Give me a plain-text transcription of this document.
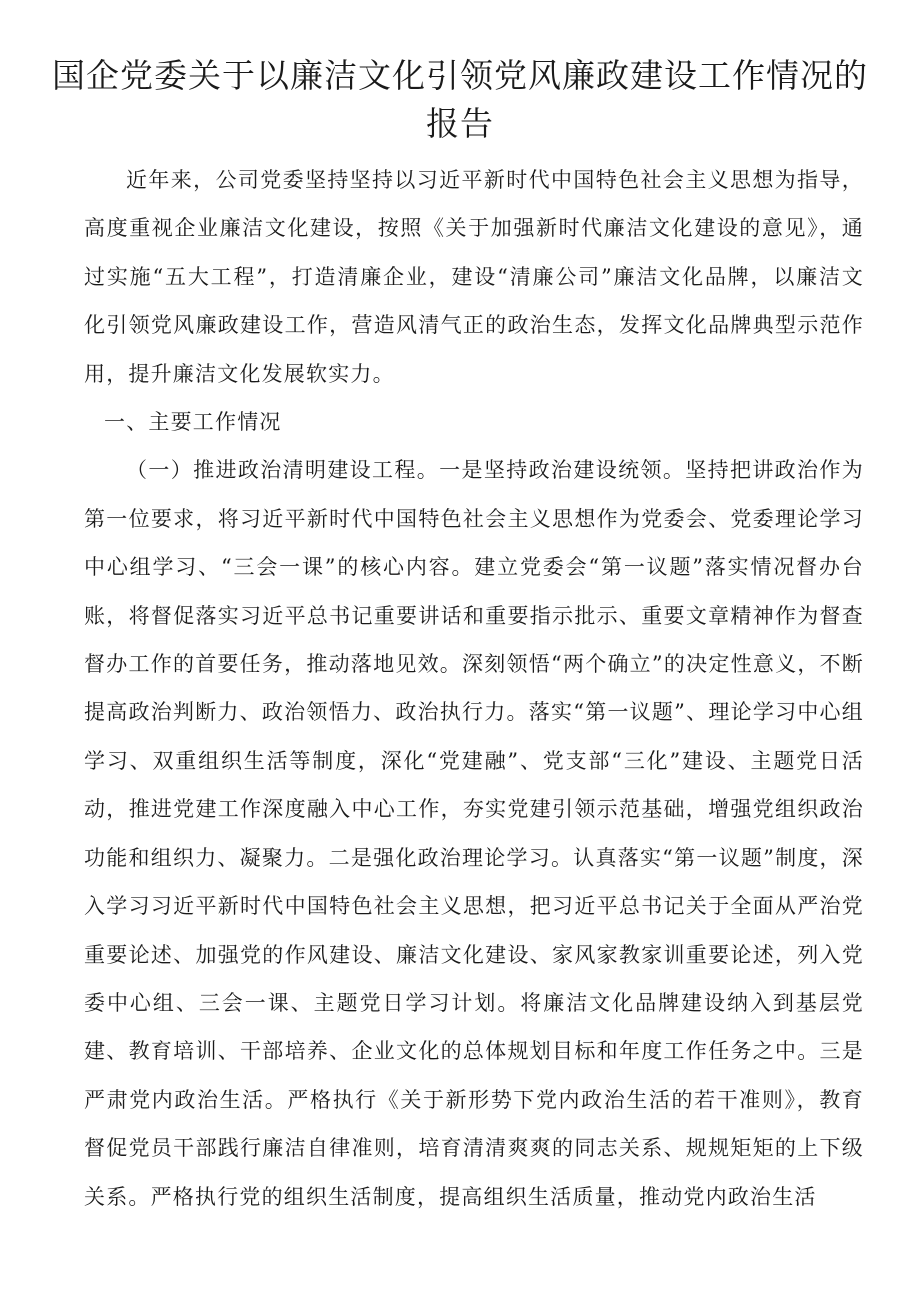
国企党委关于以廉洁文化引领党风廉政建设工作情况的报告

近年来，公司党委坚持坚持以习近平新时代中国特色社会主义思想为指导，高度重视企业廉洁文化建设，按照《关于加强新时代廉洁文化建设的意见》，通过实施“五大工程”，打造清廉企业，建设“清廉公司”廉洁文化品牌，以廉洁文化引领党风廉政建设工作，营造风清气正的政治生态，发挥文化品牌典型示范作用，提升廉洁文化发展软实力。

一、主要工作情况

（一）推进政治清明建设工程。一是坚持政治建设统领。坚持把讲政治作为第一位要求，将习近平新时代中国特色社会主义思想作为党委会、党委理论学习中心组学习、“三会一课”的核心内容。建立党委会“第一议题”落实情况督办台账，将督促落实习近平总书记重要讲话和重要指示批示、重要文章精神作为督查督办工作的首要任务，推动落地见效。深刻领悟“两个确立”的决定性意义，不断提高政治判断力、政治领悟力、政治执行力。落实“第一议题”、理论学习中心组学习、双重组织生活等制度，深化“党建融”、党支部“三化”建设、主题党日活动，推进党建工作深度融入中心工作，夯实党建引领示范基础，增强党组织政治功能和组织力、凝聚力。二是强化政治理论学习。认真落实“第一议题”制度，深入学习习近平新时代中国特色社会主义思想，把习近平总书记关于全面从严治党重要论述、加强党的作风建设、廉洁文化建设、家风家教家训重要论述，列入党委中心组、三会一课、主题党日学习计划。将廉洁文化品牌建设纳入到基层党建、教育培训、干部培养、企业文化的总体规划目标和年度工作任务之中。三是严肃党内政治生活。严格执行《关于新形势下党内政治生活的若干准则》，教育督促党员干部践行廉洁自律准则，培育清清爽爽的同志关系、规规矩矩的上下级关系。严格执行党的组织生活制度，提高组织生活质量，推动党内政治生活
